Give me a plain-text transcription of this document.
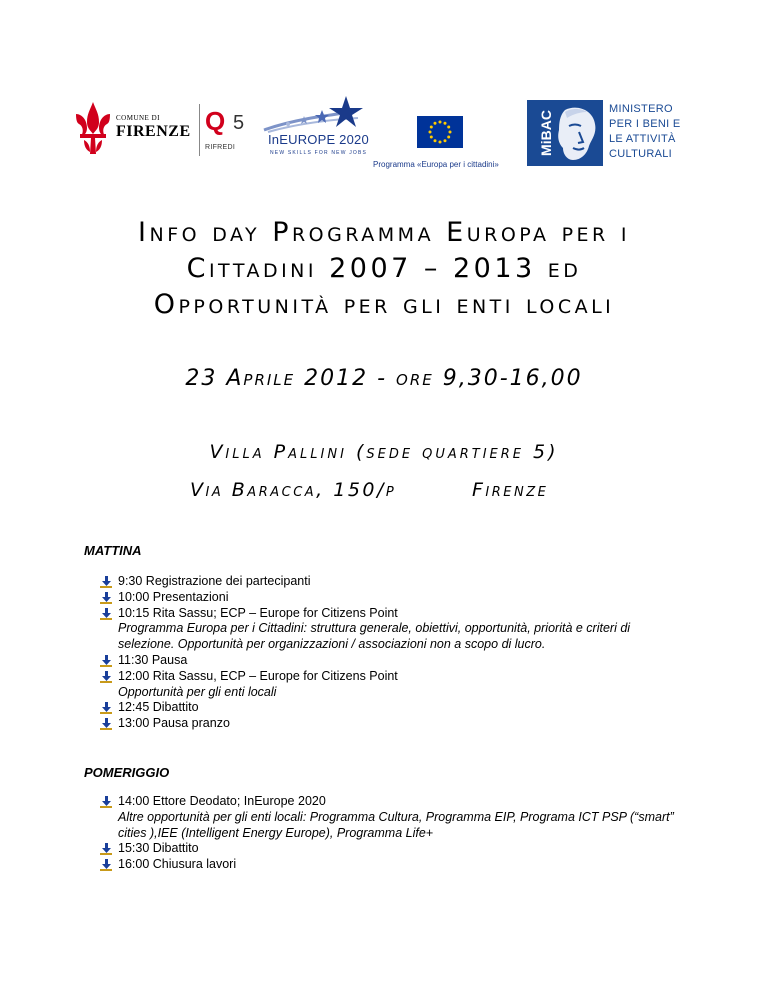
COMUNE DI
FIRENZE Q 5
RIFREDI
InEUROPE 2020
NEW SKILLS FOR NEW JOBS
Programma «Europa per i cittadini»
MiBAC
MINISTERO
PER I BENI E
LE ATTIVITÀ
CULTURALI
Info day Programma Europa per i
Cittadini 2007 – 2013 ed
Opportunità per gli enti locali
23 Aprile 2012 - ore 9,30-16,00
Villa Pallini (sede quartiere 5)
Via Baracca, 150/p	Firenze
MATTINA
9:30 Registrazione dei partecipanti
10:00 Presentazioni
10:15 Rita Sassu; ECP – Europe for Citizens Point
Programma Europa per i Cittadini: struttura generale, obiettivi, opportunità, priorità e criteri di selezione. Opportunità per organizzazioni / associazioni non a scopo di lucro.
11:30 Pausa
12:00 Rita Sassu, ECP – Europe for Citizens Point
Opportunità per gli enti locali
12:45 Dibattito
13:00 Pausa pranzo
POMERIGGIO
14:00 Ettore Deodato; InEurope 2020
Altre opportunità per gli enti locali: Programma Cultura, Programma EIP, Programa ICT PSP (“smart” cities ),IEE (Intelligent Energy Europe), Programma Life+
15:30 Dibattito
16:00 Chiusura lavori
